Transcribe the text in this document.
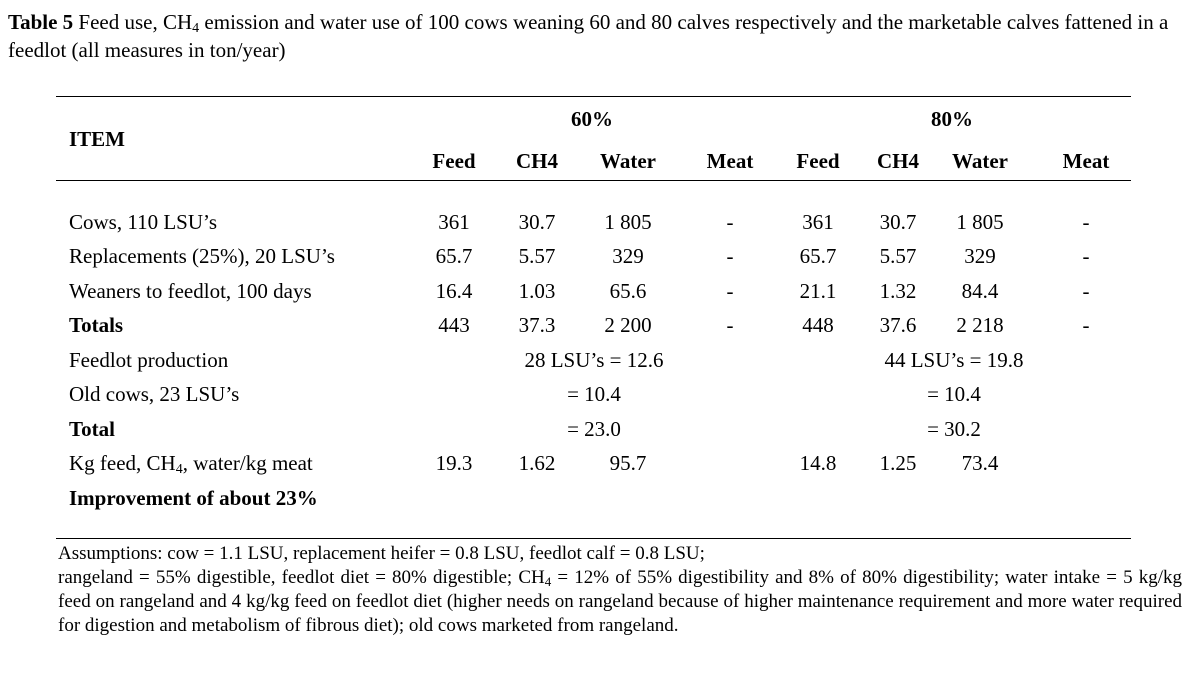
Table 5 Feed use, $CH_4$ emission and water use of 100 cows weaning 60 and 80 calves respectively and the marketable calves fattened in a feedlot (all measures in ton/year)
ITEM
60%	80%
Feed CH4 Water Meat Feed CH4 Water	Meat
Cows, 110 LSU’s	361 30.7 1 805	-	361 30.7 1 805	-
Replacements (25%), 20 LSU’s	65.7 5.57	329	-	65.7 5.57 329	-
Weaners to feedlot, 100 days	16.4 1.03	65.6	-	21.1 1.32 84.4	-
Totals	443 37.3 2 200	-	448 37.6 2 218	-
Feedlot production	28 LSU’s = 12.6	44 LSU’s = 19.8
Old cows, 23 LSU’s	= 10.4	= 10.4
Total	= 23.0	= 30.2
Kg feed, $CH_4$, water/kg meat	19.3 1.62	95.7	14.8 1.25 73.4
Improvement of about 23%
Assumptions: cow = 1.1 LSU, replacement heifer = 0.8 LSU, feedlot calf = 0.8 LSU;
rangeland = 55% digestible, feedlot diet = 80% digestible; $CH_4 = 12\%$ of 55% digestibility and 8% of 80% digestibility; water intake = 5 kg/kg feed on rangeland and 4 kg/kg feed on feedlot diet (higher needs on rangeland because of higher maintenance requirement and more water required for digestion and metabolism of fibrous diet); old cows marketed from rangeland.
